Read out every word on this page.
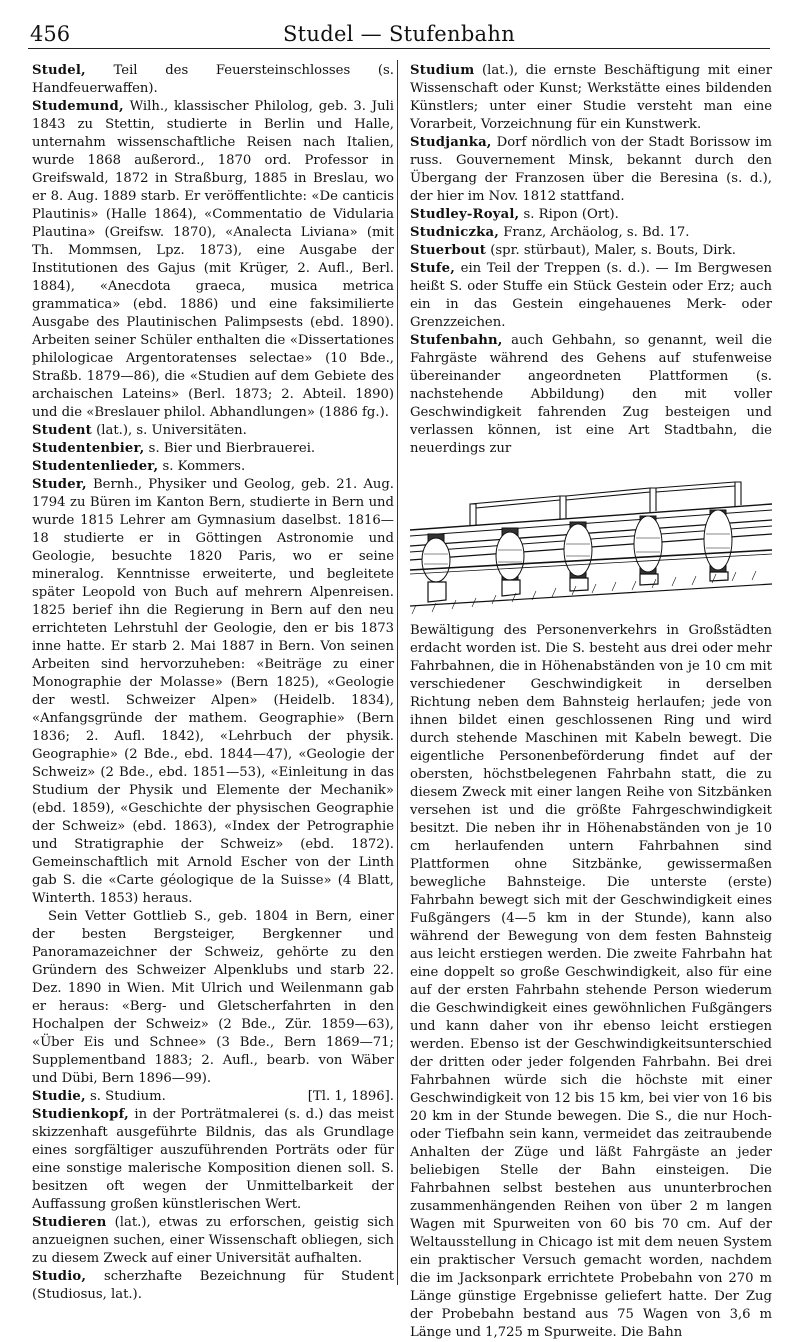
456	Studel — Stufenbahn

Studel, Teil des Feuersteinschlosses (s. Handfeuerwaffen).

Studemund, Wilh., klassischer Philolog, geb. 3. Juli 1843 zu Stettin, studierte in Berlin und Halle, unternahm wissenschaftliche Reisen nach Italien, wurde 1868 außerord., 1870 ord. Professor in Greifswald, 1872 in Straßburg, 1885 in Breslau, wo er 8. Aug. 1889 starb. Er veröffentlichte: «De canticis Plautinis» (Halle 1864), «Commentatio de Vidularia Plautina» (Greifsw. 1870), «Analecta Liviana» (mit Th. Mommsen, Lpz. 1873), eine Ausgabe der Institutionen des Gajus (mit Krüger, 2. Aufl., Berl. 1884), «Anecdota graeca, musica metrica grammatica» (ebd. 1886) und eine faksimilierte Ausgabe des Plautinischen Palimpsests (ebd. 1890). Arbeiten seiner Schüler enthalten die «Dissertationes philologicae Argentoratenses selectae» (10 Bde., Straßb. 1879—86), die «Studien auf dem Gebiete des archaischen Lateins» (Berl. 1873; 2. Abteil. 1890) und die «Breslauer philol. Abhandlungen» (1886 fg.).

Student (lat.), s. Universitäten.

Studentenbier, s. Bier und Bierbrauerei.

Studentenlieder, s. Kommers.

Studer, Bernh., Physiker und Geolog, geb. 21. Aug. 1794 zu Büren im Kanton Bern, studierte in Bern und wurde 1815 Lehrer am Gymnasium daselbst. 1816—18 studierte er in Göttingen Astronomie und Geologie, besuchte 1820 Paris, wo er seine mineralog. Kenntnisse erweiterte, und begleitete später Leopold von Buch auf mehrern Alpenreisen. 1825 berief ihn die Regierung in Bern auf den neu errichteten Lehrstuhl der Geologie, den er bis 1873 inne hatte. Er starb 2. Mai 1887 in Bern. Von seinen Arbeiten sind hervorzuheben: «Beiträge zu einer Monographie der Molasse» (Bern 1825), «Geologie der westl. Schweizer Alpen» (Heidelb. 1834), «Anfangsgründe der mathem. Geographie» (Bern 1836; 2. Aufl. 1842), «Lehrbuch der physik. Geographie» (2 Bde., ebd. 1844—47), «Geologie der Schweiz» (2 Bde., ebd. 1851—53), «Einleitung in das Studium der Physik und Elemente der Mechanik» (ebd. 1859), «Geschichte der physischen Geographie der Schweiz» (ebd. 1863), «Index der Petrographie und Stratigraphie der Schweiz» (ebd. 1872). Gemeinschaftlich mit Arnold Escher von der Linth gab S. die «Carte géologique de la Suisse» (4 Blatt, Winterth. 1853) heraus.

Sein Vetter Gottlieb S., geb. 1804 in Bern, einer der besten Bergsteiger, Bergkenner und Panoramazeichner der Schweiz, gehörte zu den Gründern des Schweizer Alpenklubs und starb 22. Dez. 1890 in Wien. Mit Ulrich und Weilenmann gab er heraus: «Berg- und Gletscherfahrten in den Hochalpen der Schweiz» (2 Bde., Zür. 1859—63), «Über Eis und Schnee» (3 Bde., Bern 1869—71; Supplementband 1883; 2. Aufl., bearb. von Wäber und Dübi, Bern 1896—99).

Studie, s. Studium.	[Tl. 1, 1896].

Studienkopf, in der Porträtmalerei (s. d.) das meist skizzenhaft ausgeführte Bildnis, das als Grundlage eines sorgfältiger auszuführenden Porträts oder für eine sonstige malerische Komposition dienen soll. S. besitzen oft wegen der Unmittelbarkeit der Auffassung großen künstlerischen Wert.

Studieren (lat.), etwas zu erforschen, geistig sich anzueignen suchen, einer Wissenschaft obliegen, sich zu diesem Zweck auf einer Universität aufhalten.

Studio, scherzhafte Bezeichnung für Student (Studiosus, lat.).

Studium (lat.), die ernste Beschäftigung mit einer Wissenschaft oder Kunst; Werkstätte eines bildenden Künstlers; unter einer Studie versteht man eine Vorarbeit, Vorzeichnung für ein Kunstwerk.

Studjanka, Dorf nördlich von der Stadt Borissow im russ. Gouvernement Minsk, bekannt durch den Übergang der Franzosen über die Beresina (s. d.), der hier im Nov. 1812 stattfand.

Studley-Royal, s. Ripon (Ort).

Studniczka, Franz, Archäolog, s. Bd. 17.

Stuerbout (spr. stürbaut), Maler, s. Bouts, Dirk.

Stufe, ein Teil der Treppen (s. d.). — Im Bergwesen heißt S. oder Stuffe ein Stück Gestein oder Erz; auch ein in das Gestein eingehauenes Merk- oder Grenzzeichen.

Stufenbahn, auch Gehbahn, so genannt, weil die Fahrgäste während des Gehens auf stufenweise übereinander angeordneten Plattformen (s. nachstehende Abbildung) den mit voller Geschwindigkeit fahrenden Zug besteigen und verlassen können, ist eine Art Stadtbahn, die neuerdings zur

Bewältigung des Personenverkehrs in Großstädten erdacht worden ist. Die S. besteht aus drei oder mehr Fahrbahnen, die in Höhenabständen von je 10 cm mit verschiedener Geschwindigkeit in derselben Richtung neben dem Bahnsteig herlaufen; jede von ihnen bildet einen geschlossenen Ring und wird durch stehende Maschinen mit Kabeln bewegt. Die eigentliche Personenbeförderung findet auf der obersten, höchstbelegenen Fahrbahn statt, die zu diesem Zweck mit einer langen Reihe von Sitzbänken versehen ist und die größte Fahrgeschwindigkeit besitzt. Die neben ihr in Höhenabständen von je 10 cm herlaufenden untern Fahrbahnen sind Plattformen ohne Sitzbänke, gewissermaßen bewegliche Bahnsteige. Die unterste (erste) Fahrbahn bewegt sich mit der Geschwindigkeit eines Fußgängers (4—5 km in der Stunde), kann also während der Bewegung von dem festen Bahnsteig aus leicht erstiegen werden. Die zweite Fahrbahn hat eine doppelt so große Geschwindigkeit, also für eine auf der ersten Fahrbahn stehende Person wiederum die Geschwindigkeit eines gewöhnlichen Fußgängers und kann daher von ihr ebenso leicht erstiegen werden. Ebenso ist der Geschwindigkeitsunterschied der dritten oder jeder folgenden Fahrbahn. Bei drei Fahrbahnen würde sich die höchste mit einer Geschwindigkeit von 12 bis 15 km, bei vier von 16 bis 20 km in der Stunde bewegen. Die S., die nur Hoch- oder Tiefbahn sein kann, vermeidet das zeitraubende Anhalten der Züge und läßt Fahrgäste an jeder beliebigen Stelle der Bahn einsteigen. Die Fahrbahnen selbst bestehen aus ununterbrochen zusammenhängenden Reihen von über 2 m langen Wagen mit Spurweiten von 60 bis 70 cm. Auf der Weltausstellung in Chicago ist mit dem neuen System ein praktischer Versuch gemacht worden, nachdem die im Jacksonpark errichtete Probebahn von 270 m Länge günstige Ergebnisse geliefert hatte. Der Zug der Probebahn bestand aus 75 Wagen von 3,6 m Länge und 1,725 m Spurweite. Die Bahn
